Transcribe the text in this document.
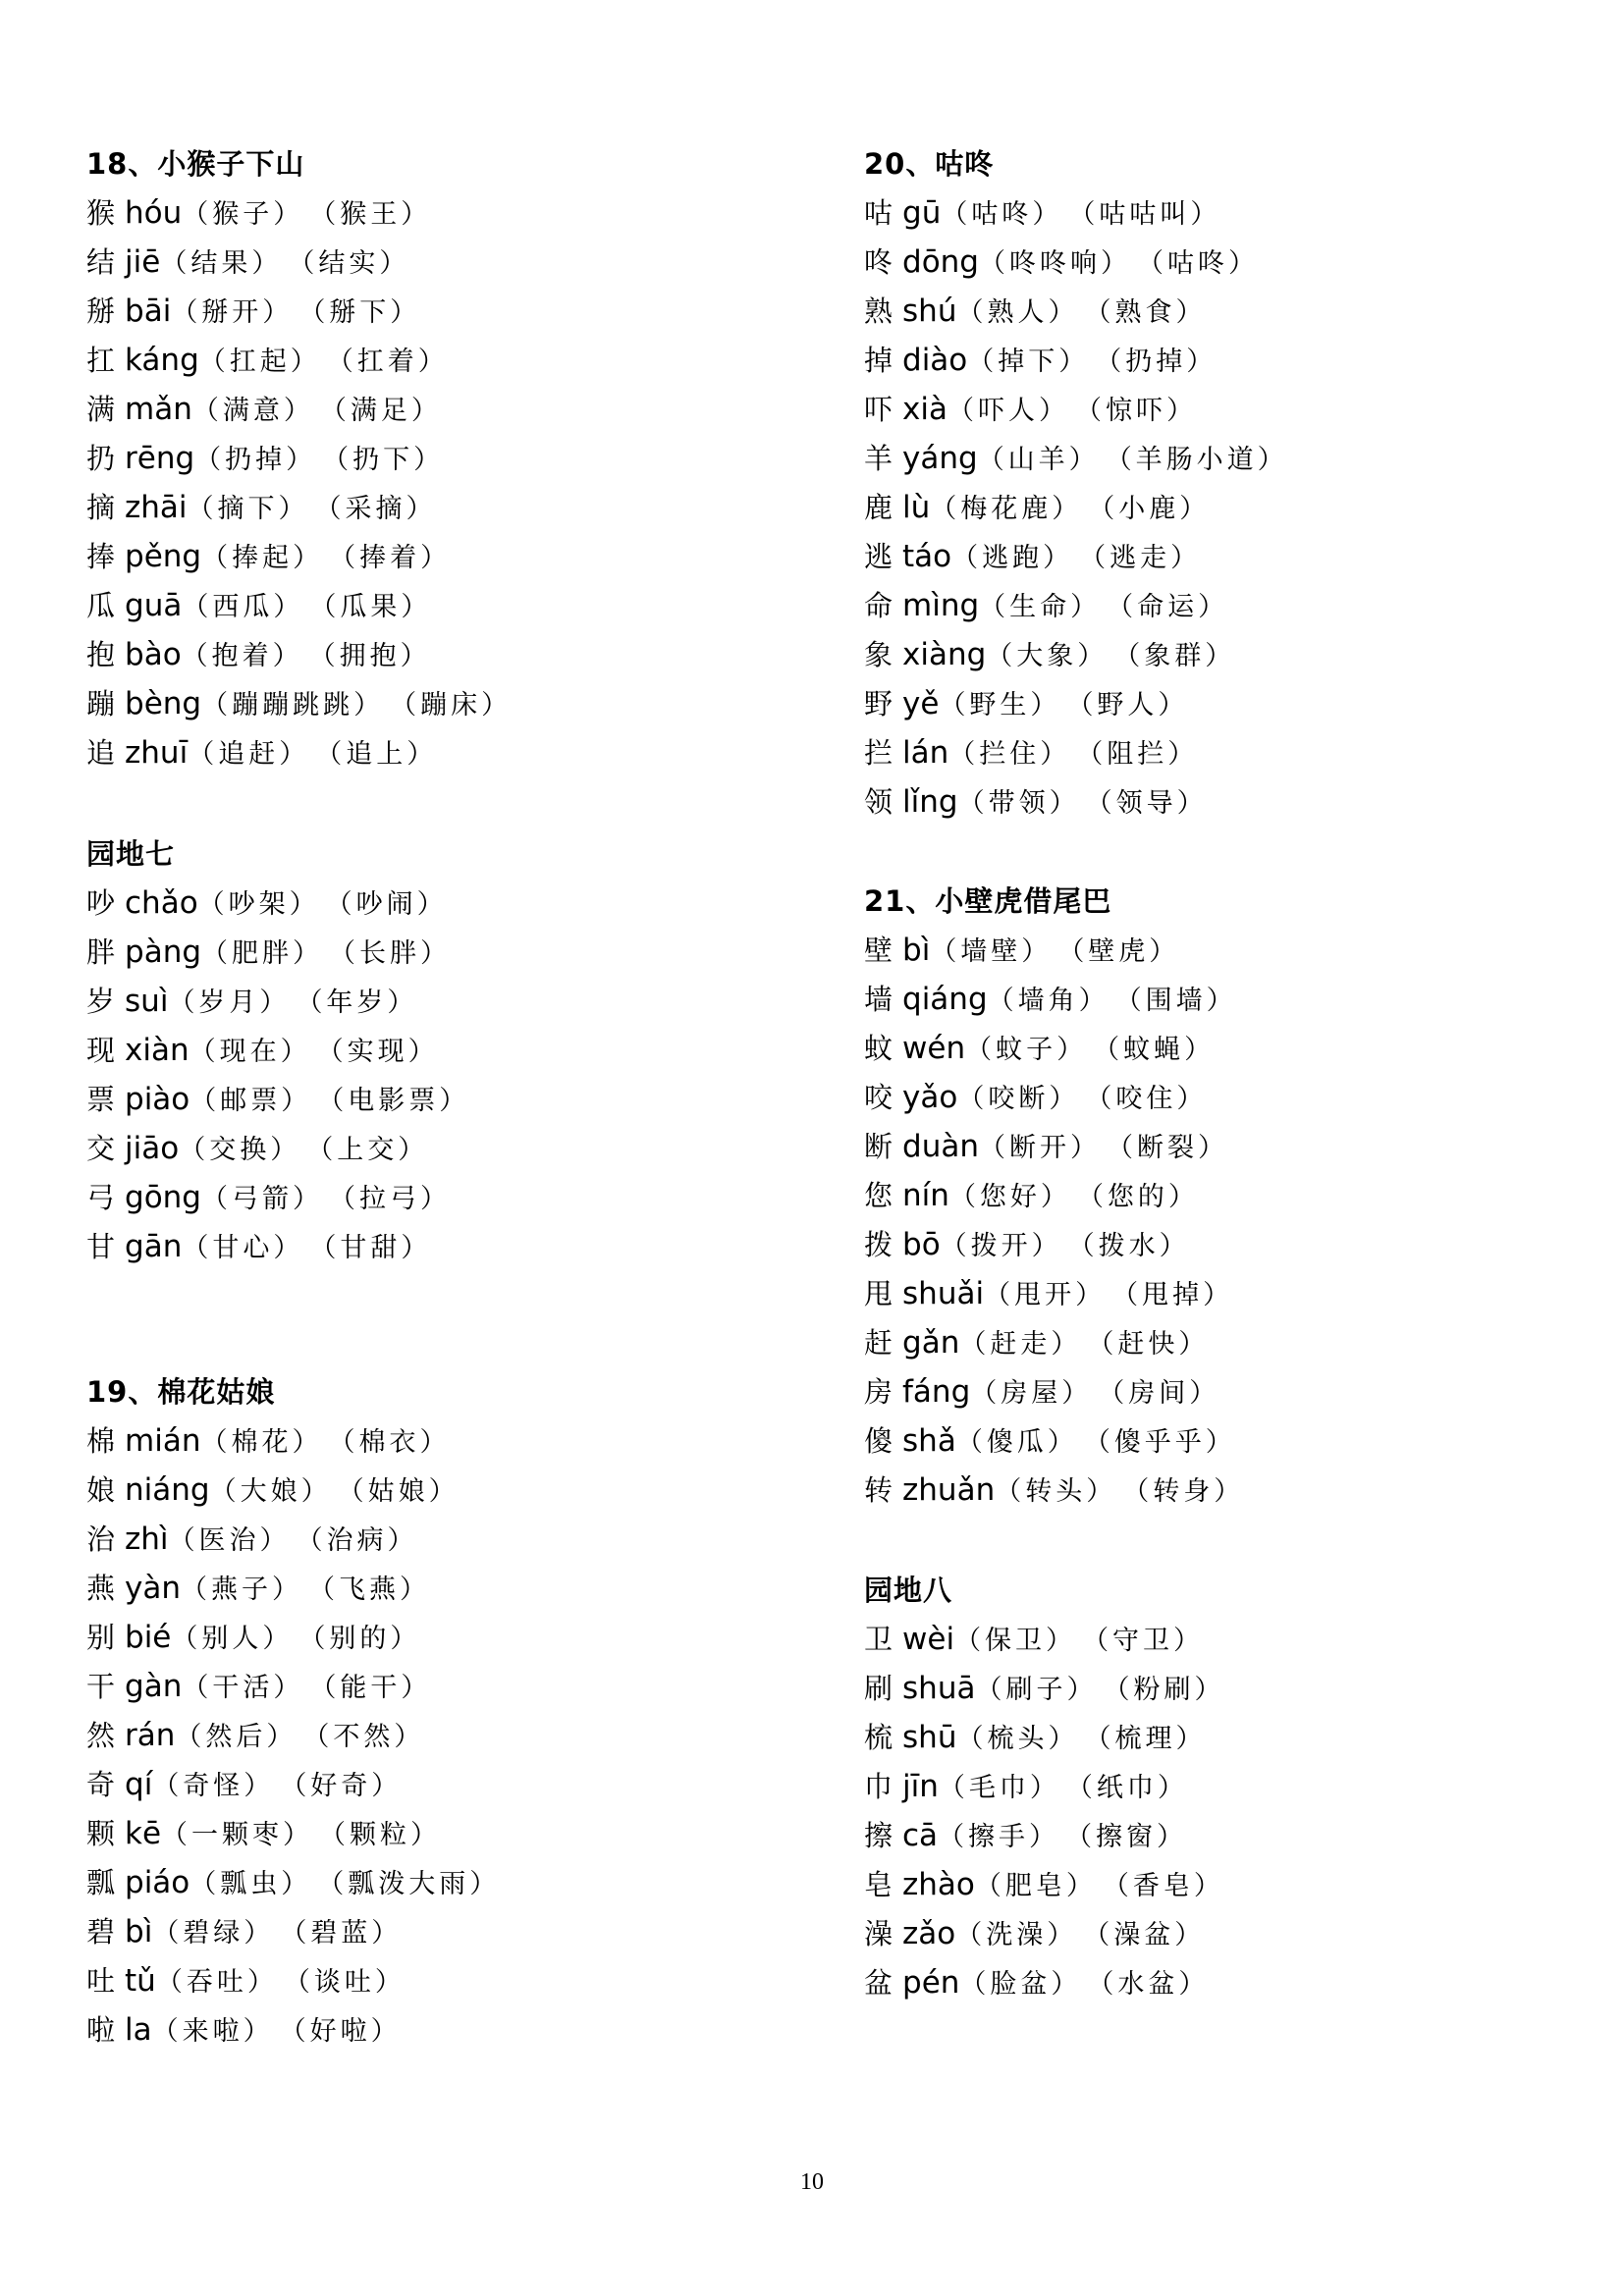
18、小猴子下山
猴 hóu（猴子） （猴王）
结 jiē（结果） （结实）
掰 bāi（掰开） （掰下）
扛 káng（扛起） （扛着）
满 mǎn（满意） （满足）
扔 rēng（扔掉） （扔下）
摘 zhāi（摘下） （采摘）
捧 pěng（捧起） （捧着）
瓜 guā（西瓜） （瓜果）
抱 bào（抱着） （拥抱）
蹦 bèng（蹦蹦跳跳） （蹦床）
追 zhuī（追赶） （追上）
园地七
吵 chǎo（吵架） （吵闹）
胖 pàng（肥胖） （长胖）
岁 suì（岁月） （年岁）
现 xiàn（现在） （实现）
票 piào（邮票） （电影票）
交 jiāo（交换） （上交）
弓 gōng（弓箭） （拉弓）
甘 gān（甘心） （甘甜）
19、棉花姑娘
棉 mián（棉花） （棉衣）
娘 niáng（大娘） （姑娘）
治 zhì（医治） （治病）
燕 yàn（燕子） （飞燕）
别 bié（别人） （别的）
干 gàn（干活） （能干）
然 rán（然后） （不然）
奇 qí（奇怪） （好奇）
颗 kē（一颗枣） （颗粒）
瓢 piáo（瓢虫） （瓢泼大雨）
碧 bì（碧绿） （碧蓝）
吐 tǔ（吞吐） （谈吐）
啦 la（来啦） （好啦）
20、咕咚
咕 gū（咕咚） （咕咕叫）
咚 dōng（咚咚响） （咕咚）
熟 shú（熟人） （熟食）
掉 diào（掉下） （扔掉）
吓 xià（吓人） （惊吓）
羊 yáng（山羊） （羊肠小道）
鹿 lù（梅花鹿） （小鹿）
逃 táo（逃跑） （逃走）
命 mìng（生命） （命运）
象 xiàng（大象） （象群）
野 yě（野生） （野人）
拦 lán（拦住） （阻拦）
领 lǐng（带领） （领导）
21、小壁虎借尾巴
壁 bì（墙壁） （壁虎）
墙 qiáng（墙角） （围墙）
蚊 wén（蚊子） （蚊蝇）
咬 yǎo（咬断） （咬住）
断 duàn（断开） （断裂）
您 nín（您好） （您的）
拨 bō（拨开） （拨水）
甩 shuǎi（甩开） （甩掉）
赶 gǎn（赶走） （赶快）
房 fáng（房屋） （房间）
傻 shǎ（傻瓜） （傻乎乎）
转 zhuǎn（转头） （转身）
园地八
卫 wèi（保卫） （守卫）
刷 shuā（刷子） （粉刷）
梳 shū（梳头） （梳理）
巾 jīn（毛巾） （纸巾）
擦 cā（擦手） （擦窗）
皂 zhào（肥皂） （香皂）
澡 zǎo（洗澡） （澡盆）
盆 pén（脸盆） （水盆）
10
